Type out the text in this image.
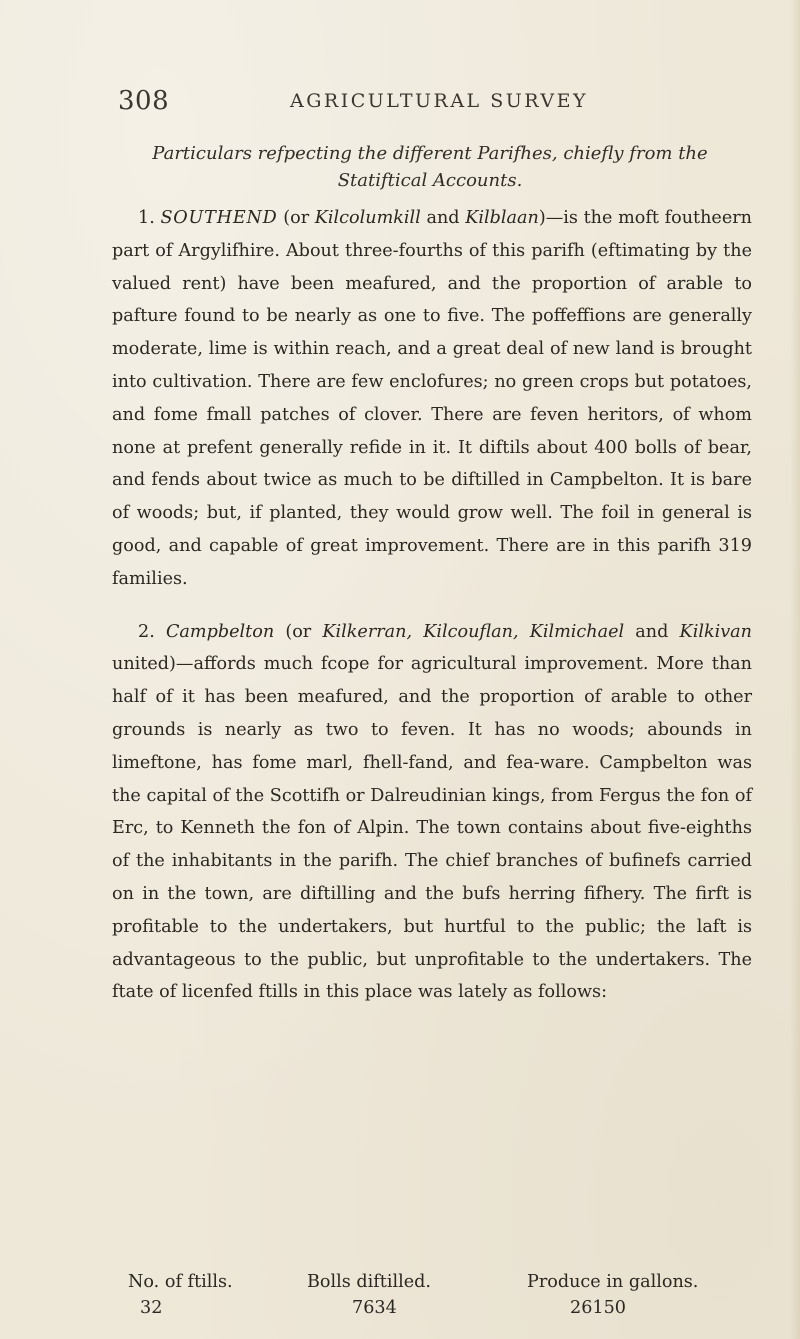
308	AGRICULTURAL SURVEY
Particulars refpecting the different Parifhes, chiefly from the
Statiftical Accounts.

1. SOUTHEND (or Kilcolumkill and Kilblaan)—is the moft foutheern part of Argylifhire. About three-fourths of this parifh (eftimating by the valued rent) have been meafured, and the proportion of arable to pafture found to be nearly as one to five. The poffeffions are generally moderate, lime is within reach, and a great deal of new land is brought into cultivation. There are few enclofures; no green crops but potatoes, and fome fmall patches of clover. There are feven heritors, of whom none at prefent generally refide in it. It diftils about 400 bolls of bear, and fends about twice as much to be diftilled in Campbelton. It is bare of woods; but, if planted, they would grow well. The foil in general is good, and capable of great improvement. There are in this parifh 319 families.

2. Campbelton (or Kilkerran, Kilcouflan, Kilmichael and Kilkivan united)—affords much fcope for agricultural improvement. More than half of it has been meafured, and the proportion of arable to other grounds is nearly as two to feven. It has no woods; abounds in limeftone, has fome marl, fhell-fand, and fea-ware. Campbelton was the capital of the Scottifh or Dalreudinian kings, from Fergus the fon of Erc, to Kenneth the fon of Alpin. The town contains about five-eighths of the inhabitants in the parifh. The chief branches of bufinefs carried on in the town, are diftilling and the bufs herring fifhery. The firft is profitable to the undertakers, but hurtful to the public; the laft is advantageous to the public, but unprofitable to the undertakers. The ftate of licenfed ftills in this place was lately as follows:

No. of ftills.	Bolls diftilled.	Produce in gallons.
32	7634	26150
